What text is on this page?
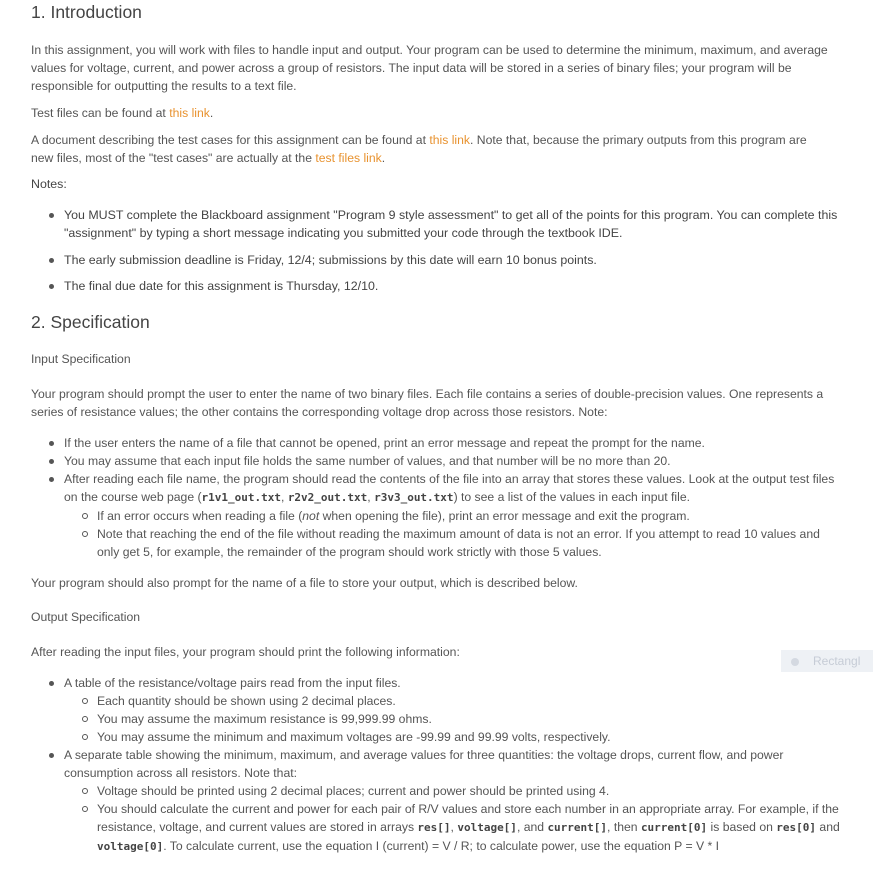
1. Introduction
In this assignment, you will work with files to handle input and output. Your program can be used to determine the minimum, maximum, and average values for voltage, current, and power across a group of resistors. The input data will be stored in a series of binary files; your program will be responsible for outputting the results to a text file.
Test files can be found at this link.
A document describing the test cases for this assignment can be found at this link. Note that, because the primary outputs from this program are new files, most of the "test cases" are actually at the test files link.
Notes:
You MUST complete the Blackboard assignment "Program 9 style assessment" to get all of the points for this program. You can complete this "assignment" by typing a short message indicating you submitted your code through the textbook IDE.
The early submission deadline is Friday, 12/4; submissions by this date will earn 10 bonus points.
The final due date for this assignment is Thursday, 12/10.
2. Specification
Input Specification
Your program should prompt the user to enter the name of two binary files. Each file contains a series of double-precision values. One represents a series of resistance values; the other contains the corresponding voltage drop across those resistors. Note:
If the user enters the name of a file that cannot be opened, print an error message and repeat the prompt for the name.
You may assume that each input file holds the same number of values, and that number will be no more than 20.
After reading each file name, the program should read the contents of the file into an array that stores these values. Look at the output test files on the course web page (r1v1_out.txt, r2v2_out.txt, r3v3_out.txt) to see a list of the values in each input file.
If an error occurs when reading a file (not when opening the file), print an error message and exit the program.
Note that reaching the end of the file without reading the maximum amount of data is not an error. If you attempt to read 10 values and only get 5, for example, the remainder of the program should work strictly with those 5 values.
Your program should also prompt for the name of a file to store your output, which is described below.
Output Specification
After reading the input files, your program should print the following information:
A table of the resistance/voltage pairs read from the input files.
Each quantity should be shown using 2 decimal places.
You may assume the maximum resistance is 99,999.99 ohms.
You may assume the minimum and maximum voltages are -99.99 and 99.99 volts, respectively.
A separate table showing the minimum, maximum, and average values for three quantities: the voltage drops, current flow, and power consumption across all resistors. Note that:
Voltage should be printed using 2 decimal places; current and power should be printed using 4.
You should calculate the current and power for each pair of R/V values and store each number in an appropriate array. For example, if the resistance, voltage, and current values are stored in arrays res[], voltage[], and current[], then current[0] is based on res[0] and voltage[0]. To calculate current, use the equation I (current) = V / R; to calculate power, use the equation P = V * I
Rectangl
